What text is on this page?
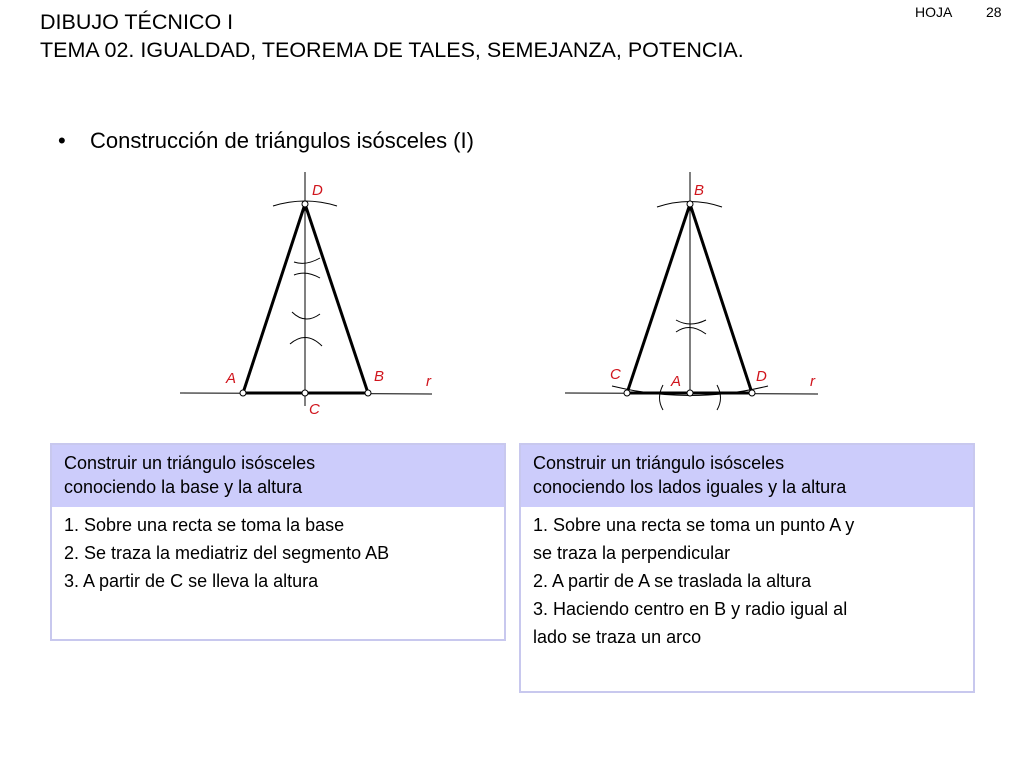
DIBUJO TÉCNICO I
TEMA 02. IGUALDAD, TEOREMA DE TALES, SEMEJANZA, POTENCIA.
HOJA 28
• Construcción de triángulos isósceles (I)
D
A	B
C
r
B
C	A	D	r
Construir un triángulo isósceles
conociendo la base y la altura
1. Sobre una recta se toma la base
2. Se traza la mediatriz del segmento AB
3. A partir de C se lleva la altura
Construir un triángulo isósceles
conociendo los lados iguales y la altura
1. Sobre una recta se toma un punto A y
se traza la perpendicular
2. A partir de A se traslada la altura
3. Haciendo centro en B y radio igual al
lado se traza un arco
